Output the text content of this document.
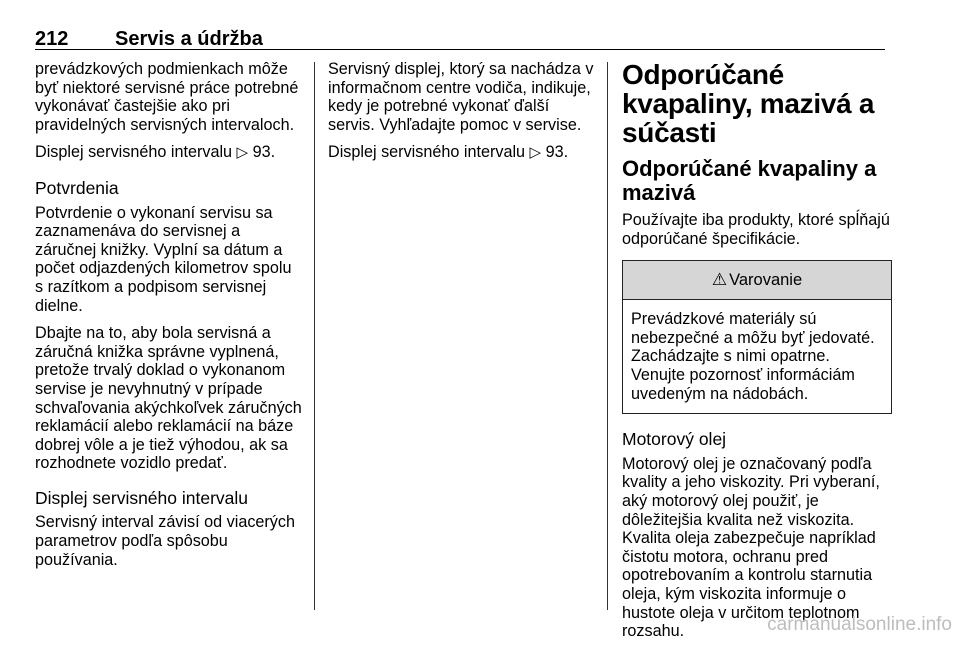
212 Servis a údržba

prevádzkových podmienkach môže byť niektoré servisné práce potrebné vykonávať častejšie ako pri pravidelných servisných intervaloch.

Displej servisného intervalu ▷ 93.

Potvrdenia

Potvrdenie o vykonaní servisu sa zaznamenáva do servisnej a záručnej knižky. Vyplní sa dátum a počet odjazdených kilometrov spolu s razítkom a podpisom servisnej dielne.

Dbajte na to, aby bola servisná a záručná knižka správne vyplnená, pretože trvalý doklad o vykonanom servise je nevyhnutný v prípade schvaľovania akýchkoľvek záručných reklamácií alebo reklamácií na báze dobrej vôle a je tiež výhodou, ak sa rozhodnete vozidlo predať.

Displej servisného intervalu

Servisný interval závisí od viacerých parametrov podľa spôsobu používania.

Servisný displej, ktorý sa nachádza v informačnom centre vodiča, indikuje, kedy je potrebné vykonať ďalší servis. Vyhľadajte pomoc v servise.

Displej servisného intervalu ▷ 93.

Odporúčané kvapaliny, mazivá a súčasti
Odporúčané kvapaliny a mazivá

Používajte iba produkty, ktoré spĺňajú odporúčané špecifikácie.

⚠ Varovanie
Prevádzkové materiály sú nebezpečné a môžu byť jedovaté. Zachádzajte s nimi opatrne. Venujte pozornosť informáciám uvedeným na nádobách.
Motorový olej

Motorový olej je označovaný podľa kvality a jeho viskozity. Pri vyberaní, aký motorový olej použiť, je dôležitejšia kvalita než viskozita. Kvalita oleja zabezpečuje napríklad čistotu motora, ochranu pred opotrebovaním a kontrolu starnutia oleja, kým viskozita informuje o hustote oleja v určitom teplotnom rozsahu.	carmanualsonline.info
